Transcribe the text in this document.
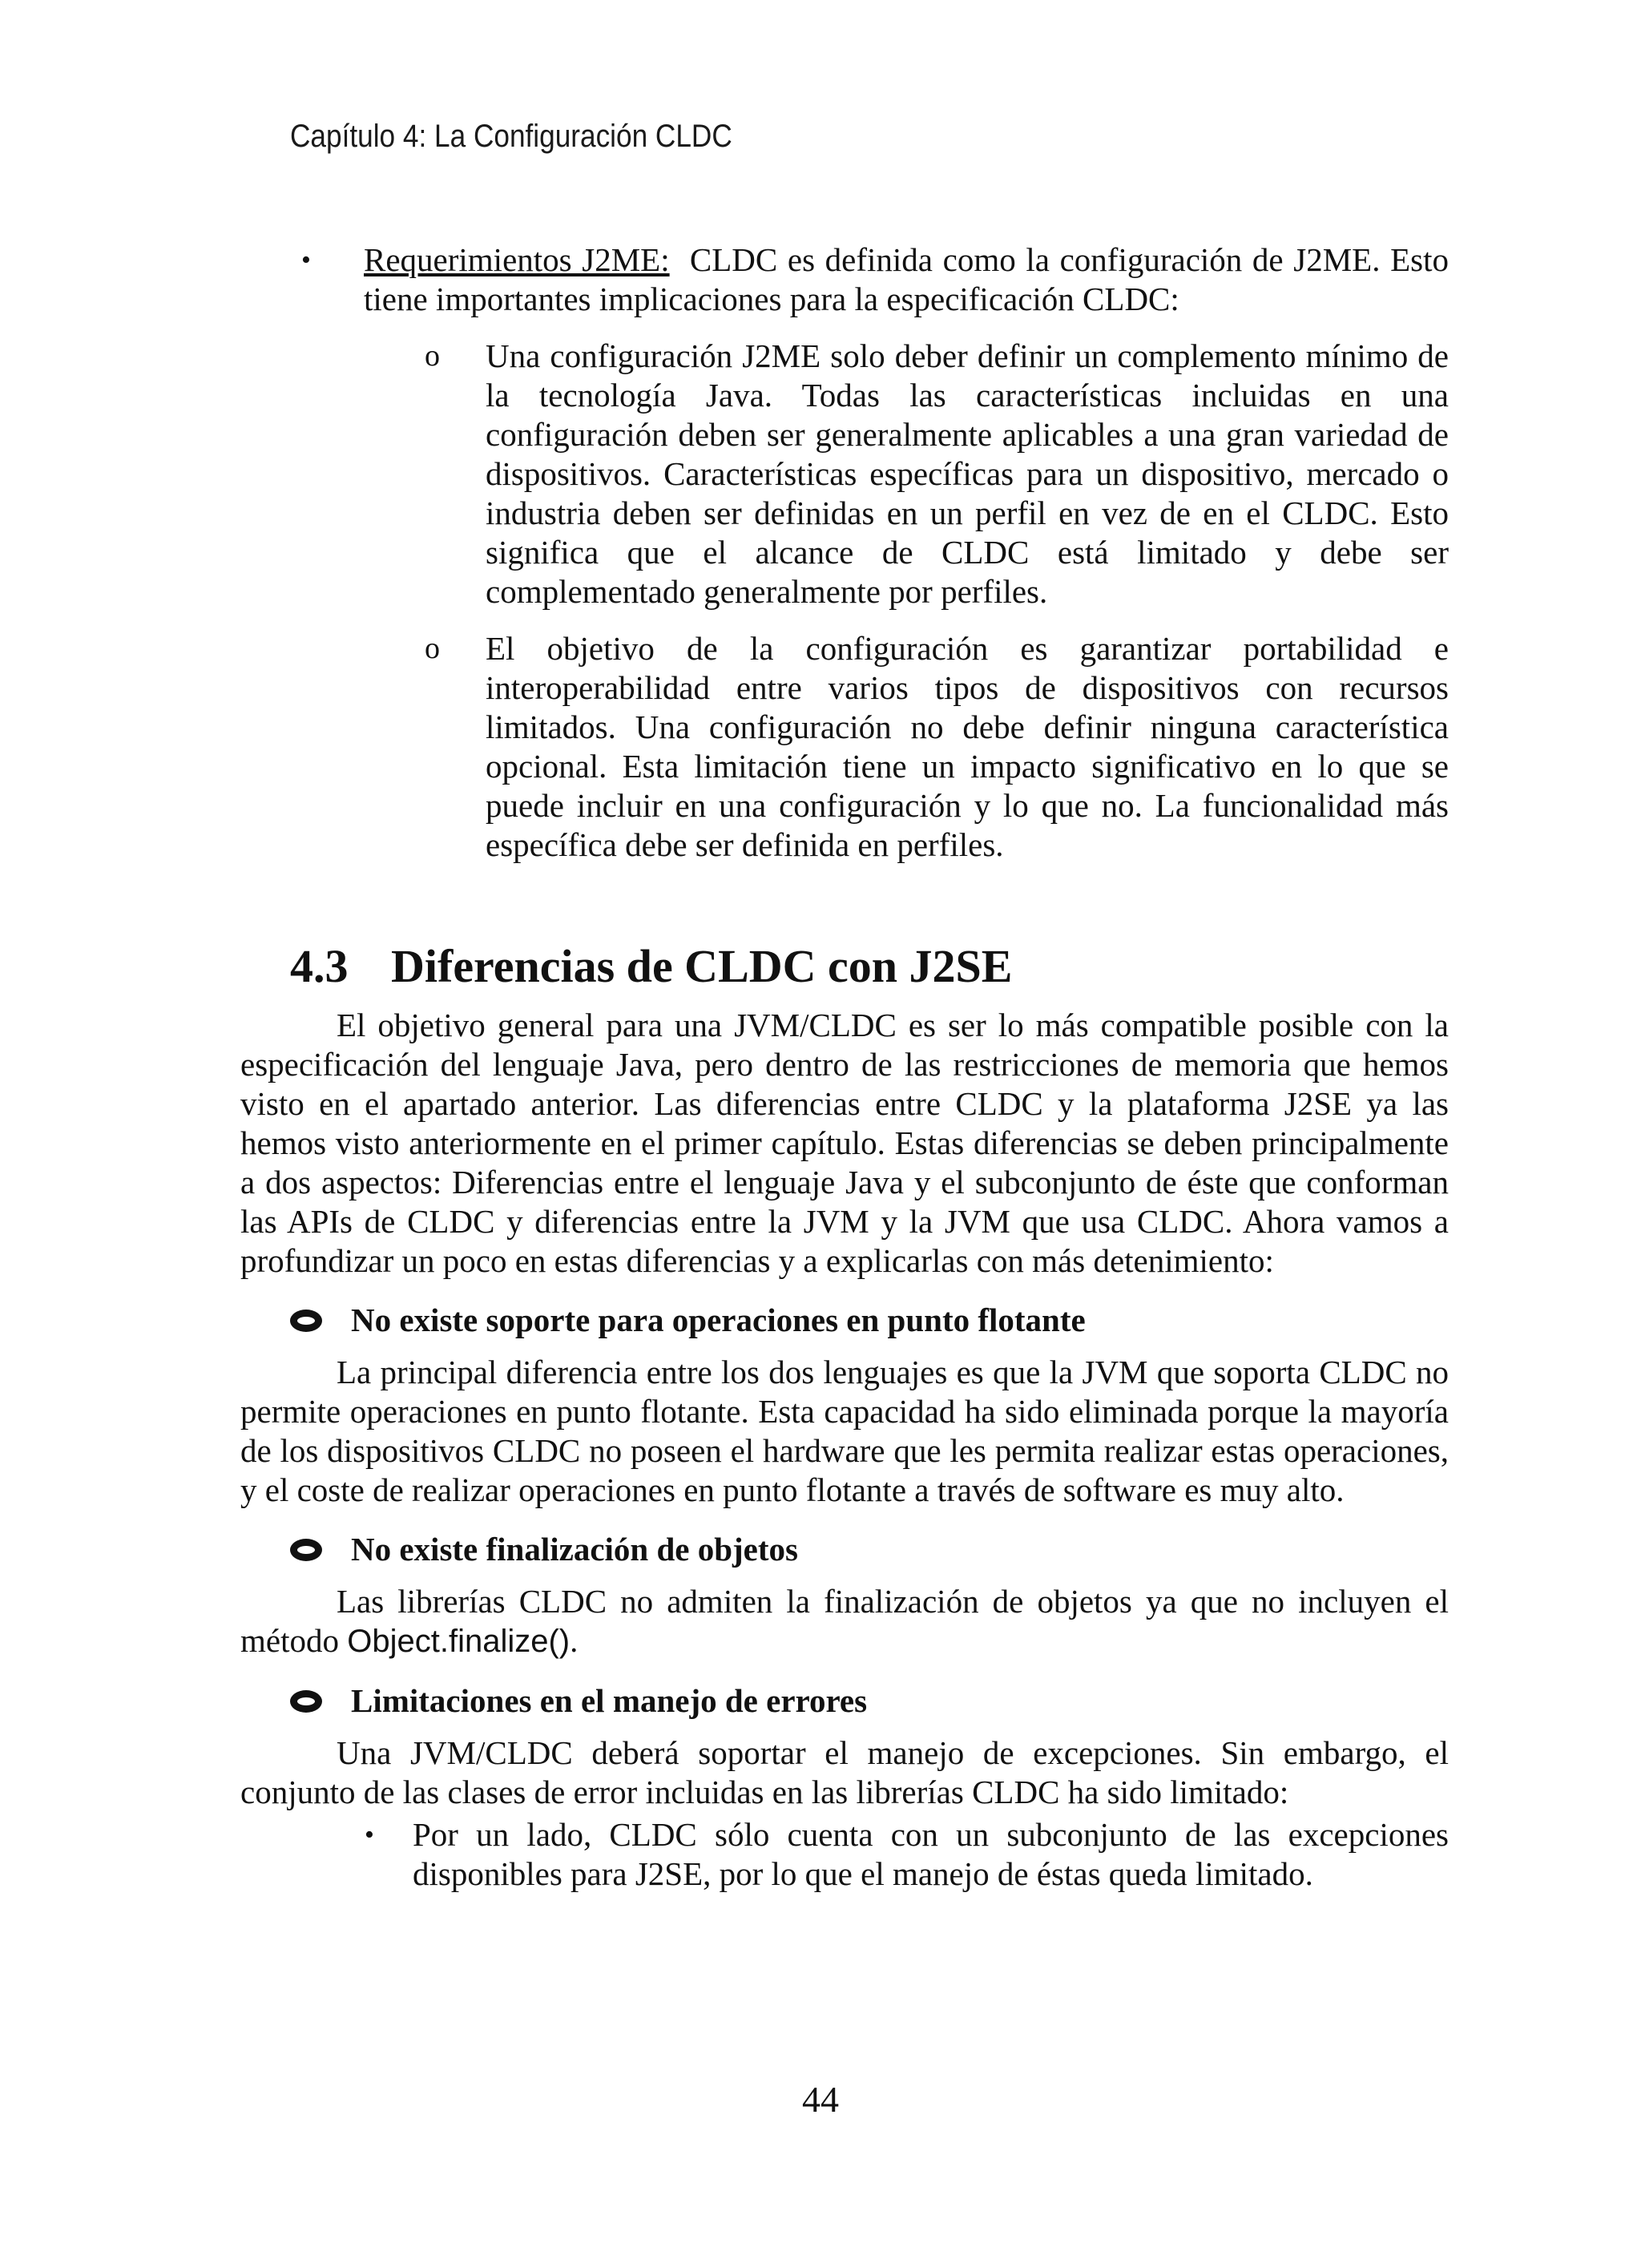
Capítulo 4: La Configuración CLDC
• Requerimientos J2ME: CLDC es definida como la configuración de J2ME. Esto tiene importantes implicaciones para la especificación CLDC:
o Una configuración J2ME solo deber definir un complemento mínimo de la tecnología Java. Todas las características incluidas en una configuración deben ser generalmente aplicables a una gran variedad de dispositivos. Características específicas para un dispositivo, mercado o industria deben ser definidas en un perfil en vez de en el CLDC. Esto significa que el alcance de CLDC está limitado y debe ser complementado generalmente por perfiles.
o El objetivo de la configuración es garantizar portabilidad e interoperabilidad entre varios tipos de dispositivos con recursos limitados. Una configuración no debe definir ninguna característica opcional. Esta limitación tiene un impacto significativo en lo que se puede incluir en una configuración y lo que no. La funcionalidad más específica debe ser definida en perfiles.
4.3 Diferencias de CLDC con J2SE
El objetivo general para una JVM/CLDC es ser lo más compatible posible con la especificación del lenguaje Java, pero dentro de las restricciones de memoria que hemos visto en el apartado anterior. Las diferencias entre CLDC y la plataforma J2SE ya las hemos visto anteriormente en el primer capítulo. Estas diferencias se deben principalmente a dos aspectos: Diferencias entre el lenguaje Java y el subconjunto de éste que conforman las APIs de CLDC y diferencias entre la JVM y la JVM que usa CLDC. Ahora vamos a profundizar un poco en estas diferencias y a explicarlas con más detenimiento:
No existe soporte para operaciones en punto flotante
La principal diferencia entre los dos lenguajes es que la JVM que soporta CLDC no permite operaciones en punto flotante. Esta capacidad ha sido eliminada porque la mayoría de los dispositivos CLDC no poseen el hardware que les permita realizar estas operaciones, y el coste de realizar operaciones en punto flotante a través de software es muy alto.
No existe finalización de objetos
Las librerías CLDC no admiten la finalización de objetos ya que no incluyen el método Object.finalize().
Limitaciones en el manejo de errores
Una JVM/CLDC deberá soportar el manejo de excepciones. Sin embargo, el conjunto de las clases de error incluidas en las librerías CLDC ha sido limitado:
• Por un lado, CLDC sólo cuenta con un subconjunto de las excepciones disponibles para J2SE, por lo que el manejo de éstas queda limitado.
44
